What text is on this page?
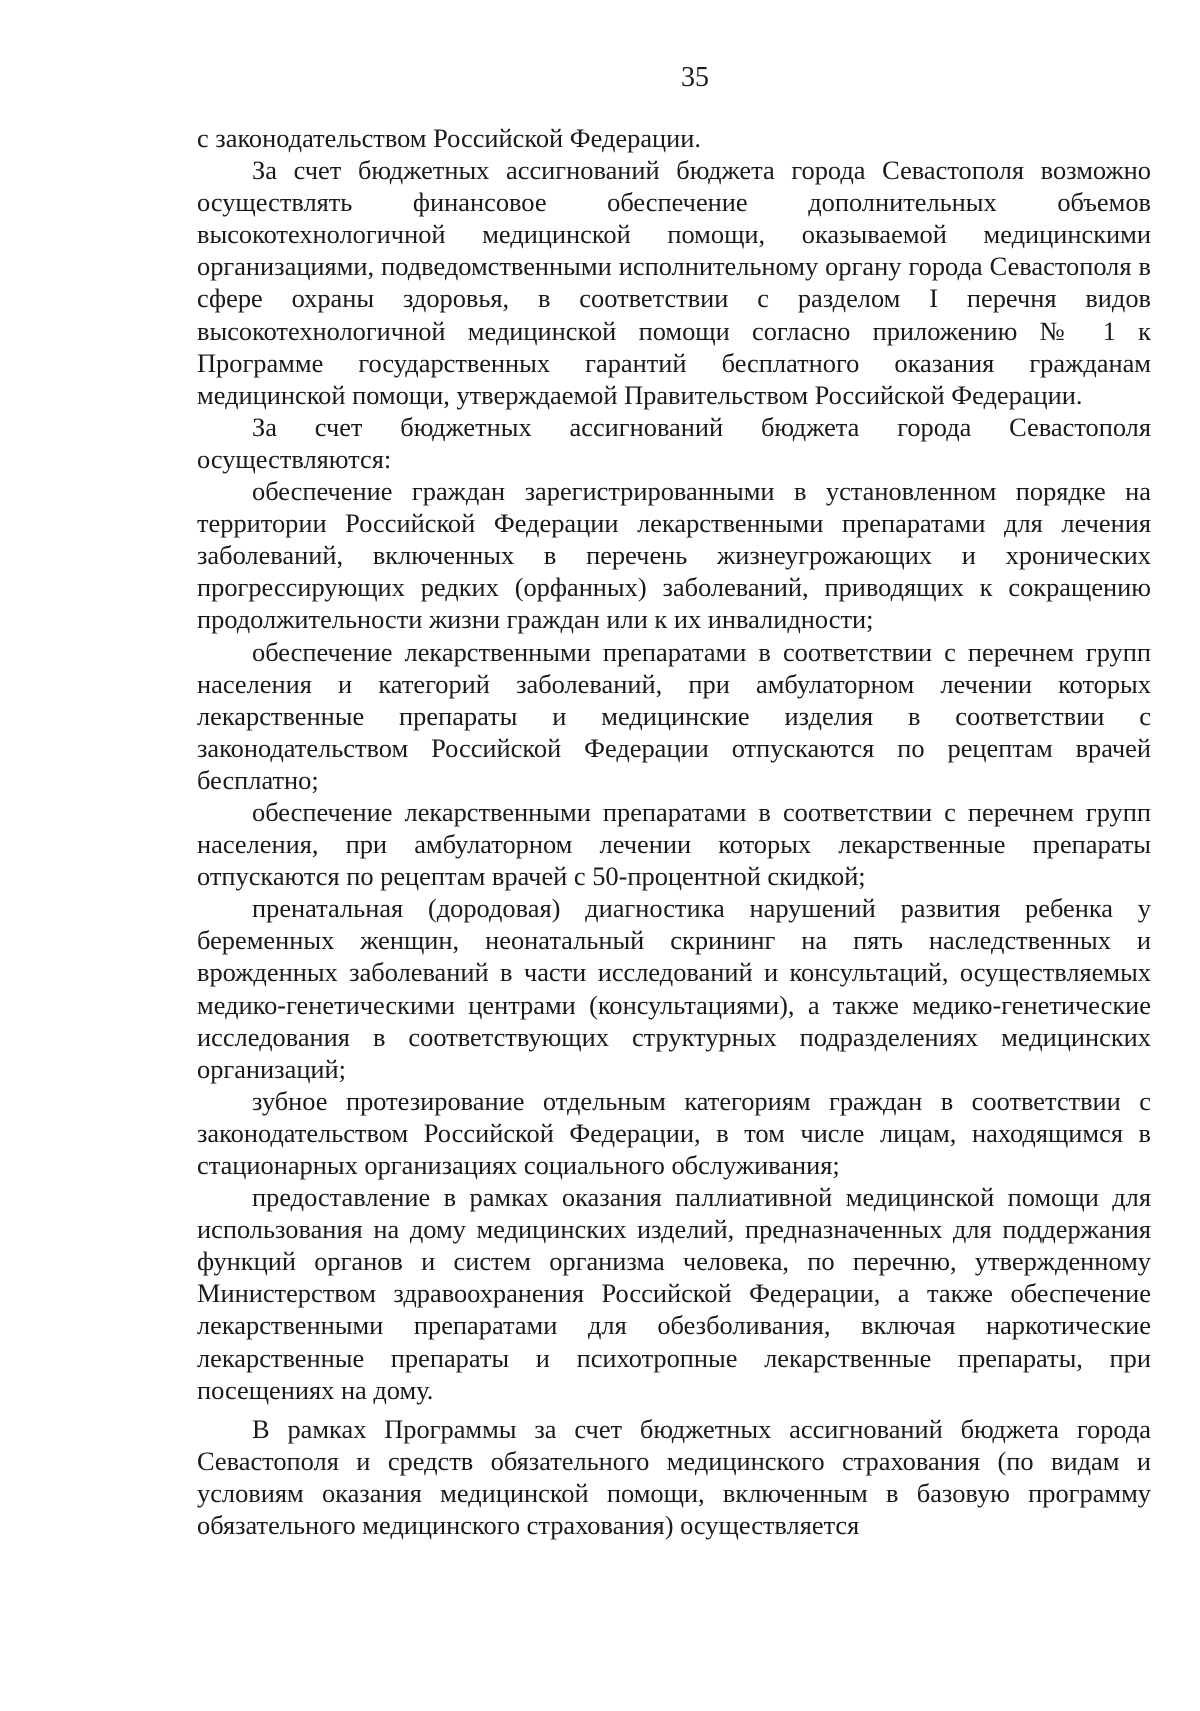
35

с законодательством Российской Федерации.

За счет бюджетных ассигнований бюджета города Севастополя возможно осуществлять финансовое обеспечение дополнительных объемов высокотехнологичной медицинской помощи, оказываемой медицинскими организациями, подведомственными исполнительному органу города Севастополя в сфере охраны здоровья, в соответствии с разделом I перечня видов высокотехнологичной медицинской помощи согласно приложению № 1 к Программе государственных гарантий бесплатного оказания гражданам медицинской помощи, утверждаемой Правительством Российской Федерации.

За счет бюджетных ассигнований бюджета города Севастополя осуществляются:

обеспечение граждан зарегистрированными в установленном порядке на территории Российской Федерации лекарственными препаратами для лечения заболеваний, включенных в перечень жизнеугрожающих и хронических прогрессирующих редких (орфанных) заболеваний, приводящих к сокращению продолжительности жизни граждан или к их инвалидности;

обеспечение лекарственными препаратами в соответствии с перечнем групп населения и категорий заболеваний, при амбулаторном лечении которых лекарственные препараты и медицинские изделия в соответствии с законодательством Российской Федерации отпускаются по рецептам врачей бесплатно;

обеспечение лекарственными препаратами в соответствии с перечнем групп населения, при амбулаторном лечении которых лекарственные препараты отпускаются по рецептам врачей с 50-процентной скидкой;

пренатальная (дородовая) диагностика нарушений развития ребенка у беременных женщин, неонатальный скрининг на пять наследственных и врожденных заболеваний в части исследований и консультаций, осуществляемых медико-генетическими центрами (консультациями), а также медико-генетические исследования в соответствующих структурных подразделениях медицинских организаций;

зубное протезирование отдельным категориям граждан в соответствии с законодательством Российской Федерации, в том числе лицам, находящимся в стационарных организациях социального обслуживания;

предоставление в рамках оказания паллиативной медицинской помощи для использования на дому медицинских изделий, предназначенных для поддержания функций органов и систем организма человека, по перечню, утвержденному Министерством здравоохранения Российской Федерации, а также обеспечение лекарственными препаратами для обезболивания, включая наркотические лекарственные препараты и психотропные лекарственные препараты, при посещениях на дому.

В рамках Программы за счет бюджетных ассигнований бюджета города Севастополя и средств обязательного медицинского страхования (по видам и условиям оказания медицинской помощи, включенным в базовую программу обязательного медицинского страхования) осуществляется
